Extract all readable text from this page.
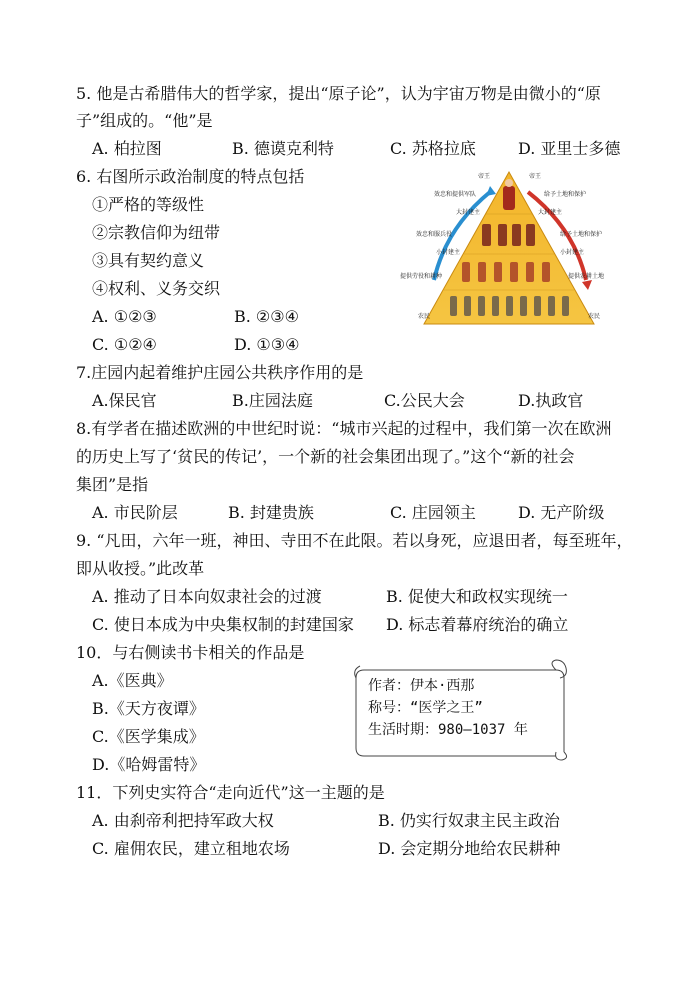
5. 他是古希腊伟大的哲学家，提出“原子论”，认为宇宙万物是由微小的“原
子”组成的。“他”是
A. 柏拉图	B. 德谟克利特	C. 苏格拉底	D. 亚里士多德
6. 右图所示政治制度的特点包括
①严格的等级性
②宗教信仰为纽带
③具有契约意义
④权利、义务交织
A. ①②③	B. ②③④
C. ①②④	D. ①③④
帝王	帝王
大封建主	大封建主
小封建主	小封建主
农民	农民
效忠和提供军队	给予土地和保护
效忠和服兵役	给予土地和保护
提供劳役和耕种	提供农耕土地
7.庄园内起着维护庄园公共秩序作用的是
A.保民官	B.庄园法庭	C.公民大会	D.执政官
8.有学者在描述欧洲的中世纪时说：“城市兴起的过程中，我们第一次在欧洲
的历史上写了‘贫民的传记’，一个新的社会集团出现了。”这个“新的社会
集团”是指
A. 市民阶层	B. 封建贵族	C. 庄园领主	D. 无产阶级
9. “凡田，六年一班，神田、寺田不在此限。若以身死，应退田者，每至班年，
即从收授。”此改革
A. 推动了日本向奴隶社会的过渡	B. 促使大和政权实现统一
C. 使日本成为中央集权制的封建国家 D. 标志着幕府统治的确立
10．与右侧读书卡相关的作品是
A.《医典》
B.《天方夜谭》
C.《医学集成》
D.《哈姆雷特》
作者：伊本·西那
称号：“医学之王”
生活时期：980—1037 年
11．下列史实符合“走向近代”这一主题的是
A. 由刹帝利把持军政大权	B. 仍实行奴隶主民主政治
C. 雇佣农民，建立租地农场	D. 会定期分地给农民耕种
